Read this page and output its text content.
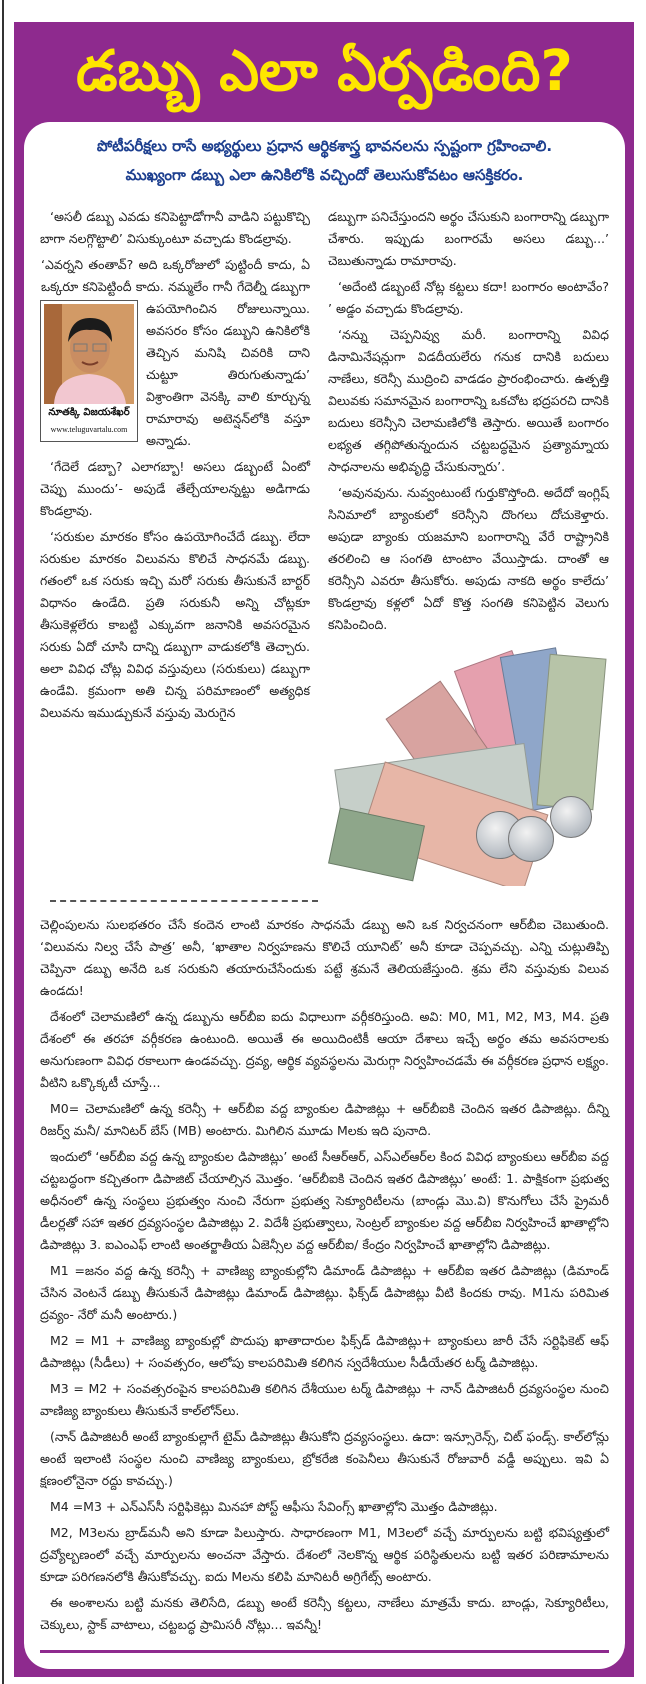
డబ్బు ఎలా ఏర్పడింది?
పోటీపరీక్షలు రాసే అభ్యర్థులు ప్రధాన ఆర్థికశాస్త్ర భావనలను స్పష్టంగా గ్రహించాలి.
ముఖ్యంగా డబ్బు ఎలా ఉనికిలోకి వచ్చిందో తెలుసుకోవటం ఆసక్తికరం.

‘అసలీ డబ్బు ఎవడు కనిపెట్టాడోగానీ వాడిని పట్టుకొచ్చి బాగా నలగ్గొట్టాలి’ విసుక్కుంటూ వచ్చాడు కొండల్రావు.

నూతక్కి విజయశేఖర్
www.teluguvartalu.com
‘ఎవర్నని తంతావ్? అది ఒక్కరోజులో పుట్టిందీ కాదు, ఏ ఒక్కరూ కనిపెట్టిందీ కాదు. నమ్మలేం గానీ గేదెల్నీ డబ్బుగా ఉపయోగించిన రోజులున్నాయి. అవసరం కోసం డబ్బుని ఉనికిలోకి తెచ్చిన మనిషి చివరికి దాని చుట్టూ తిరుగుతున్నాడు’ విశ్రాంతిగా వెనక్కి వాలి కూర్చున్న రామారావు అటెన్షన్‌లోకి వస్తూ అన్నాడు.

‘గేదెలే డబ్బా? ఎలాగబ్బా! అసలు డబ్బంటే ఏంటో చెప్పు ముందు’- అపుడే తేల్చేయాలన్నట్టు అడిగాడు కొండల్రావు.

‘సరుకుల మారకం కోసం ఉపయోగించేదే డబ్బు. లేదా సరుకుల మారకం విలువను కొలిచే సాధనమే డబ్బు. గతంలో ఒక సరుకు ఇచ్చి మరో సరుకు తీసుకునే బార్టర్ విధానం ఉండేది. ప్రతి సరుకునీ అన్ని చోట్లకూ తీసుకెళ్లలేరు కాబట్టి ఎక్కువగా జనానికి అవసరమైన సరుకు ఏదో చూసి దాన్ని డబ్బుగా వాడుకలోకి తెచ్చారు. అలా వివిధ చోట్ల వివిధ వస్తువులు (సరుకులు) డబ్బుగా ఉండేవి. క్రమంగా అతి చిన్న పరిమాణంలో అత్యధిక విలువను ఇముడ్చుకునే వస్తువు మెరుగైన

డబ్బుగా పనిచేస్తుందని అర్థం చేసుకుని బంగారాన్ని డబ్బుగా చేశారు. ఇప్పుడు బంగారమే అసలు డబ్బు...’ చెబుతున్నాడు రామారావు.

‘అదేంటి డబ్బంటే నోట్ల కట్టలు కదా! బంగారం అంటావేం? ’ అడ్డం వచ్చాడు కొండల్రావు.

‘నన్ను చెప్పనివ్వు మరీ. బంగారాన్ని వివిధ డినామినేషన్లుగా విడదీయలేరు గనుక దానికి బదులు నాణేలు, కరెన్సీ ముద్రించి వాడడం ప్రారంభించారు. ఉత్పత్తి విలువకు సమానమైన బంగారాన్ని ఒకచోట భద్రపరచి దానికి బదులు కరెన్సీని చెలామణిలోకి తెస్తారు. అయితే బంగారం లభ్యత తగ్గిపోతున్నందున చట్టబద్ధమైన ప్రత్యామ్నాయ సాధనాలను అభివృద్ధి చేసుకున్నారు’.

‘అవునవును. నువ్వంటుంటే గుర్తుకొస్తోంది. అదేదో ఇంగ్లిష్ సినిమాలో బ్యాంకులో కరెన్సీని దొంగలు దోచుకెళ్తారు. అపుడా బ్యాంకు యజమాని బంగారాన్ని వేరే రాష్ట్రానికి తరలించి ఆ సంగతి టాంటాం వేయిస్తాడు. దాంతో ఆ కరెన్సీని ఎవరూ తీసుకోరు. అపుడు నాకది అర్థం కాలేదు’ కొండల్రావు కళ్లలో ఏదో కొత్త సంగతి కనిపెట్టిన వెలుగు కనిపించింది.

చెల్లింపులను సులభతరం చేసే కందెన లాంటి మారకం సాధనమే డబ్బు అని ఒక నిర్వచనంగా ఆర్‌బీఐ చెబుతుంది. ‘విలువను నిల్వ చేసే పాత్ర’ అనీ, ‘ఖాతాల నిర్వహణను కొలిచే యూనిట్’ అనీ కూడా చెప్పవచ్చు. ఎన్ని చుట్లుతిప్పి చెప్పినా డబ్బు అనేది ఒక సరుకుని తయారుచేసేందుకు పట్టే శ్రమనే తెలియజేస్తుంది. శ్రమ లేని వస్తువుకు విలువ ఉండదు!

దేశంలో చెలామణిలో ఉన్న డబ్బును ఆర్‌బీఐ ఐదు విధాలుగా వర్గీకరిస్తుంది. అవి: M0, M1, M2, M3, M4. ప్రతి దేశంలో ఈ తరహా వర్గీకరణ ఉంటుంది. అయితే ఈ అయిదింటికీ ఆయా దేశాలు ఇచ్చే అర్థం తమ అవసరాలకు అనుగుణంగా వివిధ రకాలుగా ఉండవచ్చు. ద్రవ్య, ఆర్థిక వ్యవస్థలను మెరుగ్గా నిర్వహించడమే ఈ వర్గీకరణ ప్రధాన లక్ష్యం. వీటిని ఒక్కొక్కటీ చూస్తే...

M0= చెలామణిలో ఉన్న కరెన్సీ + ఆర్‌బీఐ వద్ద బ్యాంకుల డిపాజిట్లు + ఆర్‌బీఐకి చెందిన ఇతర డిపాజిట్లు. దీన్ని రిజర్వ్ మనీ/ మానిటర్ బేస్ (MB) అంటారు. మిగిలిన మూడు Mలకు ఇది పునాది.

ఇందులో ‘ఆర్‌బీఐ వద్ద ఉన్న బ్యాంకుల డిపాజిట్లు’ అంటే సీఆర్‌ఆర్, ఎస్‌ఎల్‌ఆర్‌ల కింద వివిధ బ్యాంకులు ఆర్‌బీఐ వద్ద చట్టబద్ధంగా కచ్చితంగా డిపాజిట్ చేయాల్సిన మొత్తం. ‘ఆర్‌బీఐకి చెందిన ఇతర డిపాజిట్లు’ అంటే: 1. పాక్షికంగా ప్రభుత్వ అధీనంలో ఉన్న సంస్థలు ప్రభుత్వం నుంచి నేరుగా ప్రభుత్వ సెక్యూరిటీలను (బాండ్లు మొ.వి) కొనుగోలు చేసే ప్రైమరీ డీలర్లతో సహా ఇతర ద్రవ్యసంస్థల డిపాజిట్లు 2. విదేశీ ప్రభుత్వాలు, సెంట్రల్ బ్యాంకుల వద్ద ఆర్‌బీఐ నిర్వహించే ఖాతాల్లోని డిపాజిట్లు 3. ఐఎంఎఫ్ లాంటి అంతర్జాతీయ ఏజెన్సీల వద్ద ఆర్‌బీఐ/ కేంద్రం నిర్వహించే ఖాతాల్లోని డిపాజిట్లు.

M1 =జనం వద్ద ఉన్న కరెన్సీ + వాణిజ్య బ్యాంకుల్లోని డిమాండ్ డిపాజిట్లు + ఆర్‌బీఐ ఇతర డిపాజిట్లు (డిమాండ్ చేసిన వెంటనే డబ్బు తీసుకునే డిపాజిట్లు డిమాండ్ డిపాజిట్లు. ఫిక్స్‌డ్ డిపాజిట్లు వీటి కిందకు రావు. M1ను పరిమిత ద్రవ్యం- నేరో మనీ అంటారు.)

M2 = M1 + వాణిజ్య బ్యాంకుల్లో పొదుపు ఖాతాదారుల ఫిక్స్‌డ్ డిపాజిట్లు+ బ్యాంకులు జారీ చేసే సర్టిఫికెట్ ఆఫ్ డిపాజిట్లు (సీడీలు) + సంవత్సరం, ఆలోపు కాలపరిమితి కలిగిన స్వదేశీయుల సీడీయేతర టర్మ్ డిపాజిట్లు.

M3 = M2 + సంవత్సరంపైన కాలపరిమితి కలిగిన దేశీయుల టర్మ్ డిపాజిట్లు + నాన్ డిపాజిటరీ ద్రవ్యసంస్థల నుంచి వాణిజ్య బ్యాంకులు తీసుకునే కాల్‌లోన్‌లు.

(నాన్ డిపాజిటరీ అంటే బ్యాంకుల్లాగే టైమ్ డిపాజిట్లు తీసుకోని ద్రవ్యసంస్థలు. ఉదా: ఇన్సూరెన్స్, చిట్ ఫండ్స్. కాల్‌లోన్లు అంటే ఇలాంటి సంస్థల నుంచి వాణిజ్య బ్యాంకులు, బ్రోకరేజి కంపెనీలు తీసుకునే రోజువారీ వడ్డీ అప్పులు. ఇవి ఏ క్షణంలోనైనా రద్దు కావచ్చు.)

M4 =M3 + ఎన్‌ఎస్‌సీ సర్టిఫికెట్లు మినహా పోస్ట్ ఆఫీసు సేవింగ్స్ ఖాతాల్లోని మొత్తం డిపాజిట్లు.

M2, M3లను బ్రాడ్‌మనీ అని కూడా పిలుస్తారు. సాధారణంగా M1, M3లలో వచ్చే మార్పులను బట్టి భవిష్యత్తులో ద్రవ్యోల్బణంలో వచ్చే మార్పులను అంచనా వేస్తారు. దేశంలో నెలకొన్న ఆర్థిక పరిస్థితులను బట్టి ఇతర పరిణామాలను కూడా పరిగణనలోకి తీసుకోవచ్చు. ఐదు Mలను కలిపి మానిటరీ అగ్రిగేట్స్ అంటారు.

ఈ అంశాలను బట్టి మనకు తెలిసేది, డబ్బు అంటే కరెన్సీ కట్టలు, నాణేలు మాత్రమే కాదు. బాండ్లు, సెక్యూరిటీలు, చెక్కులు, స్టాక్ వాటాలు, చట్టబద్ధ ప్రామిసరీ నోట్లు... ఇవన్నీ!
